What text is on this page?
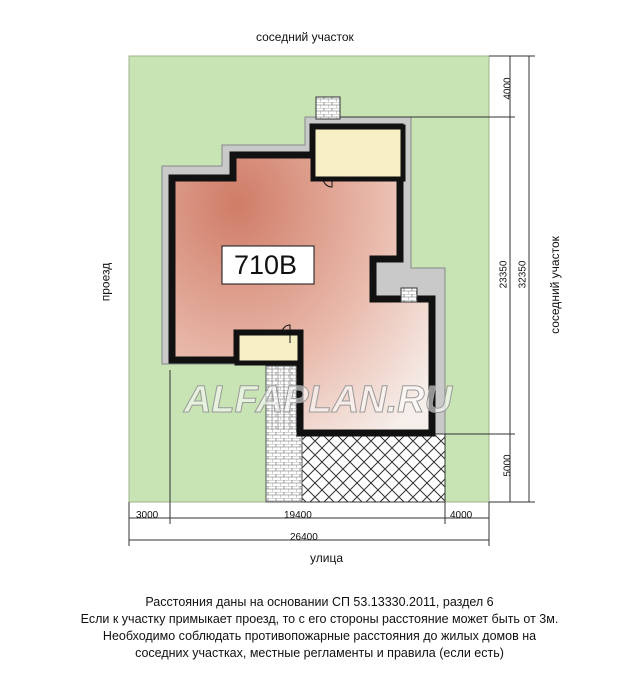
ALFAPLAN.RU
соседний участок
улица
проезд	соседний участок
710В
4000
23350 32350
5000
3000	19400	4000
26400
Расстояния даны на основании СП 53.13330.2011, раздел 6
Если к участку примыкает проезд, то с его стороны расстояние может быть от 3м.
Необходимо соблюдать противопожарные расстояния до жилых домов на
соседних участках, местные регламенты и правила (если есть)
